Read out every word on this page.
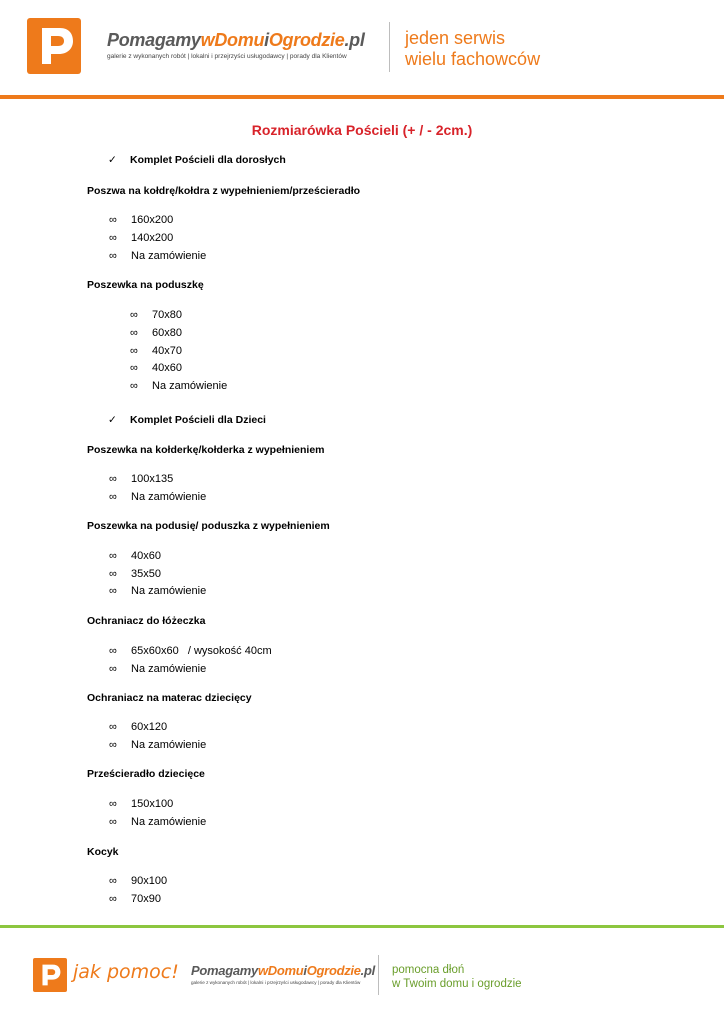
PomagamywDomuiOgrodzie.pl
galerie z wykonanych robót | lokalni i przejrzyści usługodawcy | porady dla Klientów
jeden serwis
wielu fachowców
Rozmiarówka Pościeli (+ / - 2cm.)
✓ Komplet Pościeli dla dorosłych
Poszwa na kołdrę/kołdra z wypełnieniem/prześcieradło
∞ 160x200
∞ 140x200
∞ Na zamówienie
Poszewka na poduszkę
∞ 70x80
∞ 60x80
∞ 40x70
∞ 40x60
∞ Na zamówienie
✓ Komplet Pościeli dla Dzieci
Poszewka na kołderkę/kołderka z wypełnieniem
∞ 100x135
∞ Na zamówienie
Poszewka na podusię/ poduszka z wypełnieniem
∞ 40x60
∞ 35x50
∞ Na zamówienie
Ochraniacz do łóżeczka
∞ 65x60x60   / wysokość 40cm
∞ Na zamówienie
Ochraniacz na materac dziecięcy
∞ 60x120
∞ Na zamówienie
Prześcieradło dziecięce
∞ 150x100
∞ Na zamówienie
Kocyk
∞ 90x100
∞ 70x90
jak pomoc! PomagamywDomuiOgrodzie.pl
galerie z wykonanych robót | lokalni i przejrzyści usługodawcy | porady dla Klientów
pomocna dłoń
w Twoim domu i ogrodzie
